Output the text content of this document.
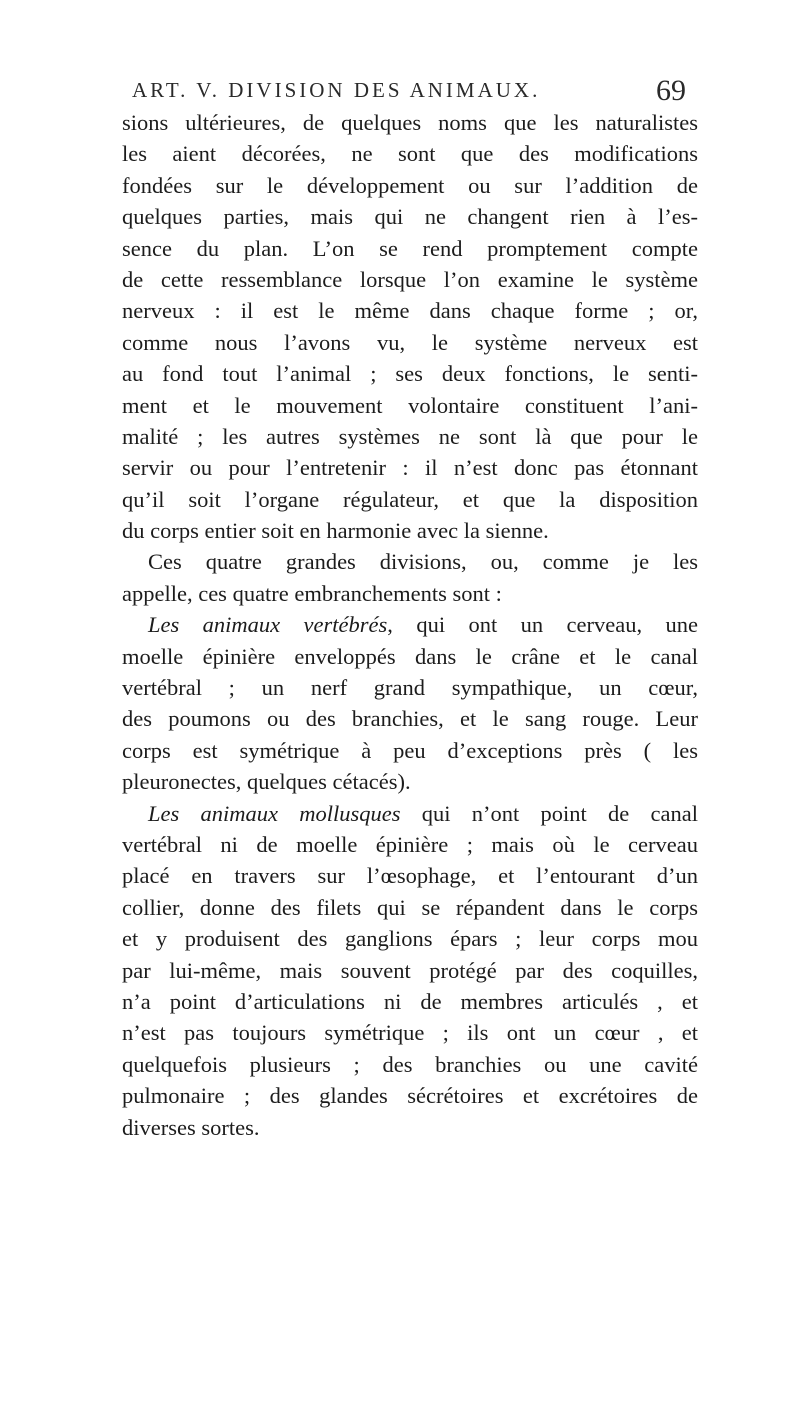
ART. V. DIVISION DES ANIMAUX.	69
sions ultérieures, de quelques noms que les naturalistes
les aient décorées, ne sont que des modifications
fondées sur le développement ou sur l’addition de
quelques parties, mais qui ne changent rien à l’es-
sence du plan. L’on se rend promptement compte
de cette ressemblance lorsque l’on examine le système
nerveux : il est le même dans chaque forme ; or,
comme nous l’avons vu, le système nerveux est
au fond tout l’animal ; ses deux fonctions, le senti-
ment et le mouvement volontaire constituent l’ani-
malité ; les autres systèmes ne sont là que pour le
servir ou pour l’entretenir : il n’est donc pas étonnant
qu’il soit l’organe régulateur, et que la disposition
du corps entier soit en harmonie avec la sienne.
Ces quatre grandes divisions, ou, comme je les
appelle, ces quatre embranchements sont :
Les animaux vertébrés, qui ont un cerveau, une
moelle épinière enveloppés dans le crâne et le canal
vertébral ; un nerf grand sympathique, un cœur,
des poumons ou des branchies, et le sang rouge. Leur
corps est symétrique à peu d’exceptions près ( les
pleuronectes, quelques cétacés).
Les animaux mollusques qui n’ont point de canal
vertébral ni de moelle épinière ; mais où le cerveau
placé en travers sur l’œsophage, et l’entourant d’un
collier, donne des filets qui se répandent dans le corps
et y produisent des ganglions épars ; leur corps mou
par lui-même, mais souvent protégé par des coquilles,
n’a point d’articulations ni de membres articulés , et
n’est pas toujours symétrique ; ils ont un cœur , et
quelquefois plusieurs ; des branchies ou une cavité
pulmonaire ; des glandes sécrétoires et excrétoires de
diverses sortes.
